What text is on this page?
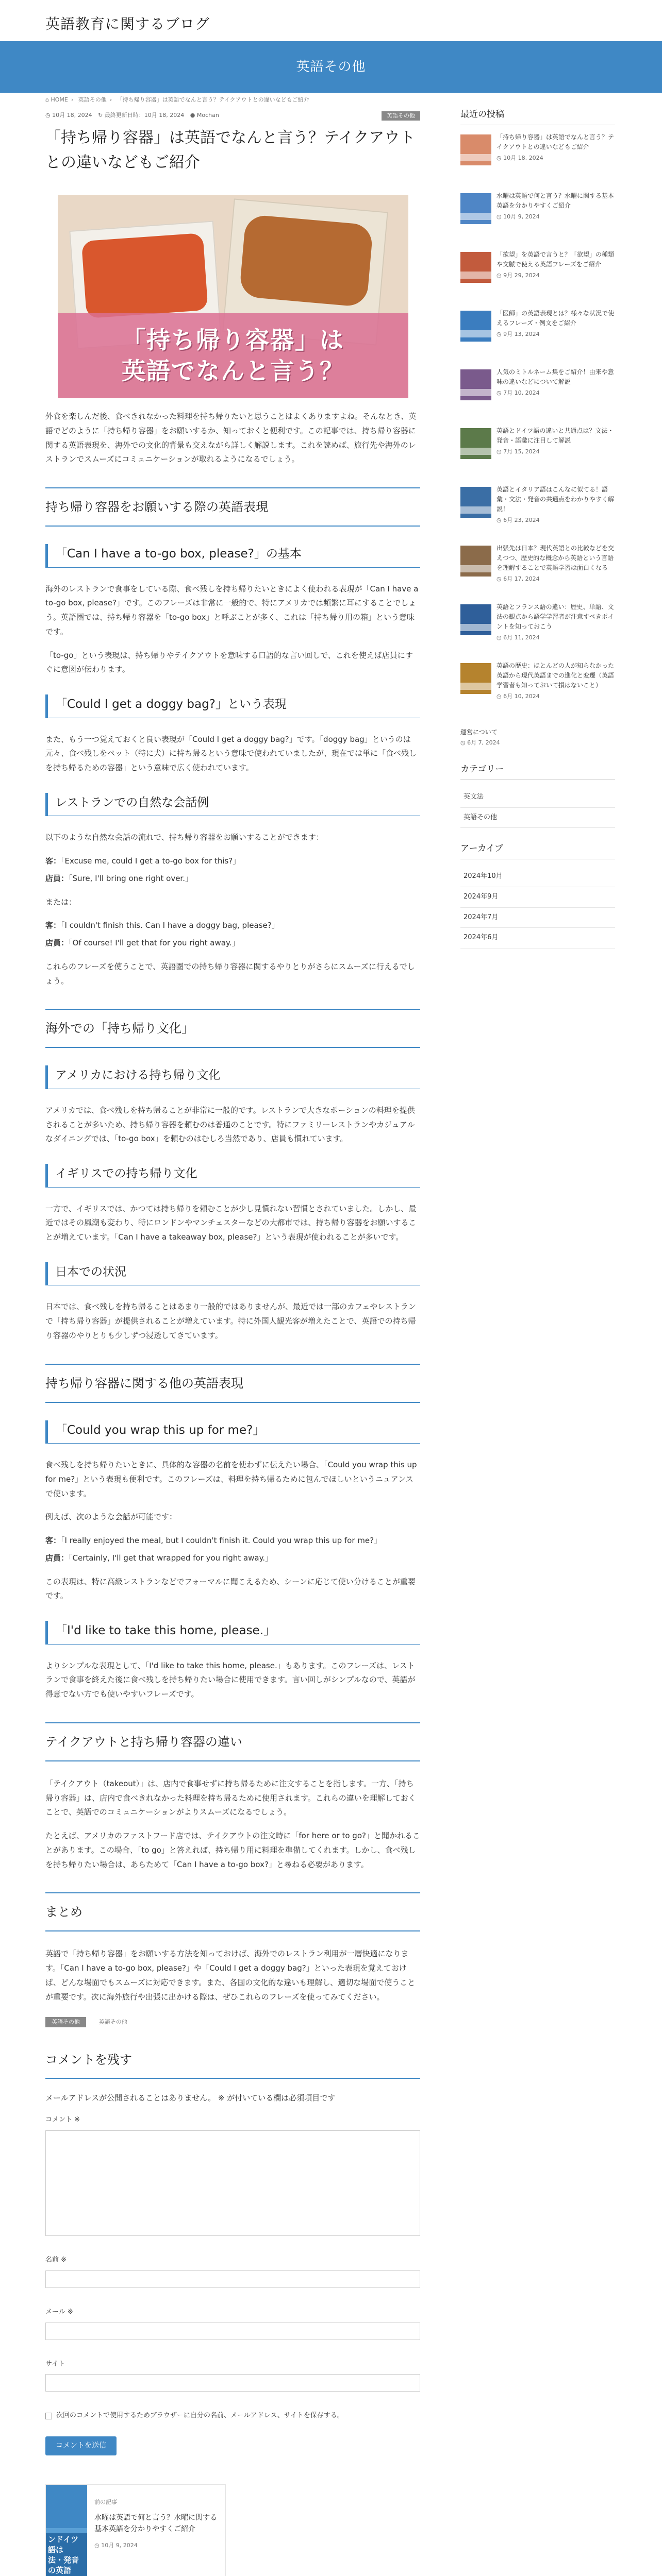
英語教育に関するブログ
英語その他
⌂ HOME › 英語その他 › 「持ち帰り容器」は英語でなんと言う？テイクアウトとの違いなどもご紹介
◷ 10月 18, 2024 ↻ 最終更新日時：10月 18, 2024 ● Mochan	英語その他
「持ち帰り容器」は英語でなんと言う？テイクアウトとの違いなどもご紹介
「持ち帰り容器」は
英語でなんと言う？

外食を楽しんだ後、食べきれなかった料理を持ち帰りたいと思うことはよくありますよね。そんなとき、英語でどのように「持ち帰り容器」をお願いするか、知っておくと便利です。この記事では、持ち帰り容器に関する英語表現を、海外での文化的背景も交えながら詳しく解説します。これを読めば、旅行先や海外のレストランでスムーズにコミュニケーションが取れるようになるでしょう。

持ち帰り容器をお願いする際の英語表現
「Can I have a to-go box, please?」の基本

海外のレストランで食事をしている際、食べ残しを持ち帰りたいときによく使われる表現が「Can I have a to-go box, please?」です。このフレーズは非常に一般的で、特にアメリカでは頻繁に耳にすることでしょう。英語圏では、持ち帰り容器を「to-go box」と呼ぶことが多く、これは「持ち帰り用の箱」という意味です。

「to-go」という表現は、持ち帰りやテイクアウトを意味する口語的な言い回しで、これを使えば店員にすぐに意図が伝わります。

「Could I get a doggy bag?」という表現

また、もう一つ覚えておくと良い表現が「Could I get a doggy bag?」です。「doggy bag」というのは元々、食べ残しをペット（特に犬）に持ち帰るという意味で使われていましたが、現在では単に「食べ残しを持ち帰るための容器」という意味で広く使われています。

レストランでの自然な会話例

以下のような自然な会話の流れで、持ち帰り容器をお願いすることができます：

客：「Excuse me, could I get a to-go box for this?」

店員：「Sure, I'll bring one right over.」

または：

客：「I couldn't finish this. Can I have a doggy bag, please?」

店員：「Of course! I'll get that for you right away.」

これらのフレーズを使うことで、英語圏での持ち帰り容器に関するやりとりがさらにスムーズに行えるでしょう。

海外での「持ち帰り文化」
アメリカにおける持ち帰り文化

アメリカでは、食べ残しを持ち帰ることが非常に一般的です。レストランで大きなポーションの料理を提供されることが多いため、持ち帰り容器を頼むのは普通のことです。特にファミリーレストランやカジュアルなダイニングでは、「to-go box」を頼むのはむしろ当然であり、店員も慣れています。

イギリスでの持ち帰り文化

一方で、イギリスでは、かつては持ち帰りを頼むことが少し見慣れない習慣とされていました。しかし、最近ではその風潮も変わり、特にロンドンやマンチェスターなどの大都市では、持ち帰り容器をお願いすることが増えています。「Can I have a takeaway box, please?」という表現が使われることが多いです。

日本での状況

日本では、食べ残しを持ち帰ることはあまり一般的ではありませんが、最近では一部のカフェやレストランで「持ち帰り容器」が提供されることが増えています。特に外国人観光客が増えたことで、英語での持ち帰り容器のやりとりも少しずつ浸透してきています。

持ち帰り容器に関する他の英語表現
「Could you wrap this up for me?」

食べ残しを持ち帰りたいときに、具体的な容器の名前を使わずに伝えたい場合、「Could you wrap this up for me?」という表現も便利です。このフレーズは、料理を持ち帰るために包んでほしいというニュアンスで使います。

例えば、次のような会話が可能です：

客：「I really enjoyed the meal, but I couldn't finish it. Could you wrap this up for me?」

店員：「Certainly, I'll get that wrapped for you right away.」

この表現は、特に高級レストランなどでフォーマルに聞こえるため、シーンに応じて使い分けることが重要です。

「I'd like to take this home, please.」

よりシンプルな表現として、「I'd like to take this home, please.」もあります。このフレーズは、レストランで食事を終えた後に食べ残しを持ち帰りたい場合に使用できます。言い回しがシンプルなので、英語が得意でない方でも使いやすいフレーズです。

テイクアウトと持ち帰り容器の違い

「テイクアウト（takeout）」は、店内で食事せずに持ち帰るために注文することを指します。一方、「持ち帰り容器」は、店内で食べきれなかった料理を持ち帰るために使用されます。これらの違いを理解しておくことで、英語でのコミュニケーションがよりスムーズになるでしょう。

たとえば、アメリカのファストフード店では、テイクアウトの注文時に「for here or to go?」と聞かれることがあります。この場合、「to go」と答えれば、持ち帰り用に料理を準備してくれます。しかし、食べ残しを持ち帰りたい場合は、あらためて「Can I have a to-go box?」と尋ねる必要があります。

まとめ

英語で「持ち帰り容器」をお願いする方法を知っておけば、海外でのレストラン利用が一層快適になります。「Can I have a to-go box, please?」や「Could I get a doggy bag?」といった表現を覚えておけば、どんな場面でもスムーズに対応できます。また、各国の文化的な違いも理解し、適切な場面で使うことが重要です。次に海外旅行や出張に出かける際は、ぜひこれらのフレーズを使ってみてください。

英語その他	英語その他
コメントを残す

メールアドレスが公開されることはありません。 ※ が付いている欄は必須項目です

コメント ※
名前 ※
メール ※
サイト
次回のコメントで使用するためブラウザーに自分の名前、メールアドレス、サイトを保存する。
コメントを送信
ンドイツ語は
法・発音の英語
前の記事
水曜は英語で何と言う？水曜に関する基本英語を分かりやすくご紹介
◷ 10月 9, 2024
最近の投稿
「持ち帰り容器」は英語でなんと言う？テイクアウトとの違いなどもご紹介
◷ 10月 18, 2024
水曜は英語で何と言う？水曜に関する基本英語を分かりやすくご紹介
◷ 10月 9, 2024
「欲望」を英語で言うと？「欲望」の種類や文脈で使える英語フレーズをご紹介
◷ 9月 29, 2024
「医師」の英語表現とは？様々な状況で使えるフレーズ・例文をご紹介
◷ 9月 13, 2024
人気のミトルネーム集をご紹介！由来や意味の違いなどについて解説
◷ 7月 10, 2024
英語とドイツ語の違いと共通点は？文法・発音・語彙に注目して解説
◷ 7月 15, 2024
英語とイタリア語はこんなに似てる！語彙・文法・発音の共通点をわかりやすく解説！
◷ 6月 23, 2024
出張先は日本？現代英語との比較などを交えつつ、歴史的な概念から英語という言語を理解することで英語学習は面白くなる
◷ 6月 17, 2024
英語とフランス語の違い：歴史、単語、文法の観点から語学学習者が注意すべきポイントを知っておこう
◷ 6月 11, 2024
英語の歴史：ほとんどの人が知らなかった英語から現代英語までの進化と変遷（英語学習者も知っておいて損はないこと）
◷ 6月 10, 2024
運営について
◷ 6月 7, 2024
カテゴリー
英文法
英語その他
アーカイブ
2024年10月
2024年9月
2024年7月
2024年6月
